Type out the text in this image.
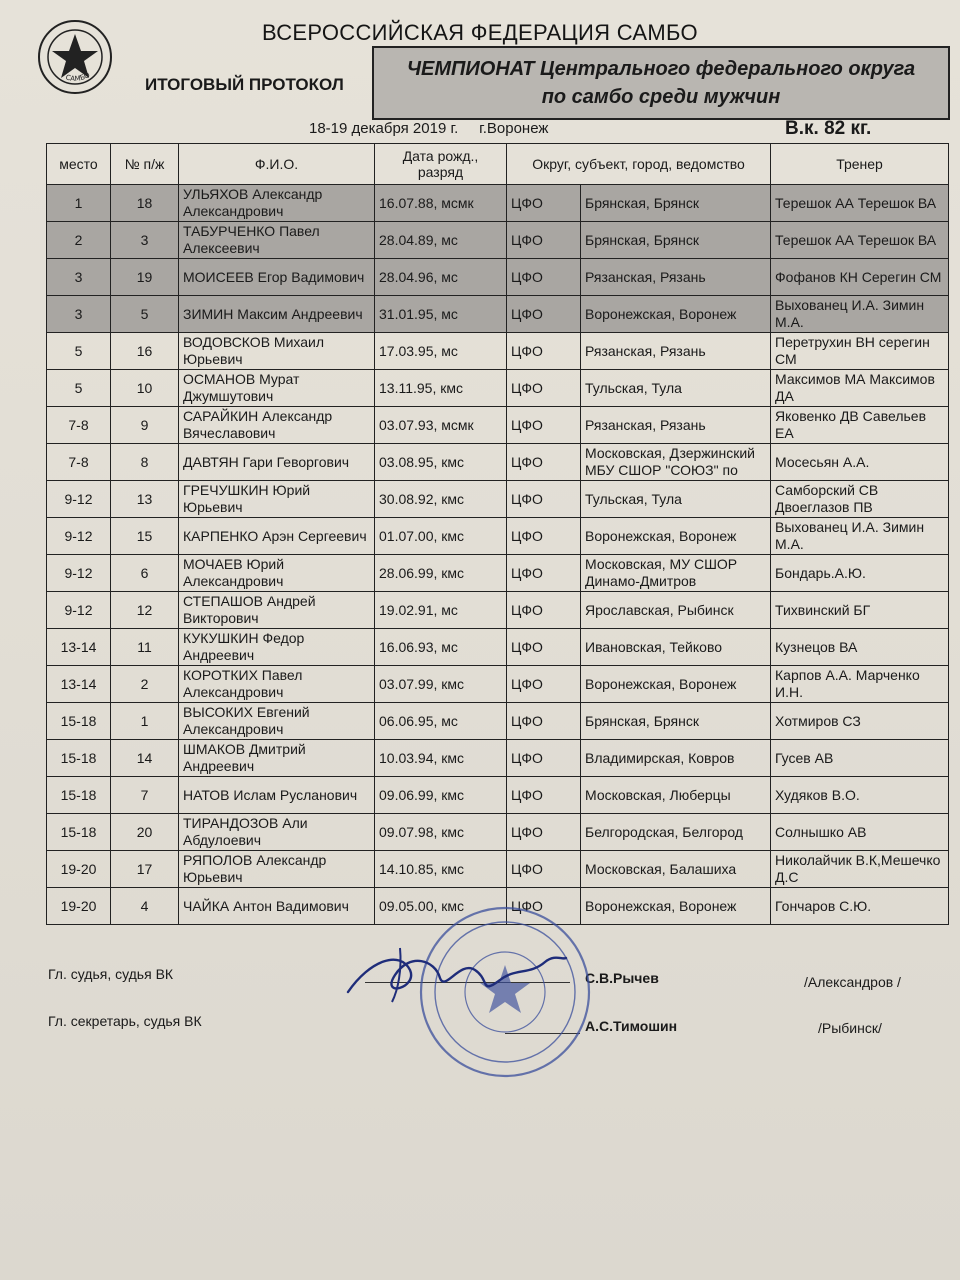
САМБО
ВСЕРОССИЙСКАЯ ФЕДЕРАЦИЯ САМБО
ИТОГОВЫЙ ПРОТОКОЛ
ЧЕМПИОНАТ Центрального федерального округа по самбо среди мужчин
18-19 декабря 2019 г.     г.Воронеж	В.к. 82 кг.
место	№ п/ж	Ф.И.О.	Дата рожд., разряд	Округ, субъект, город, ведомство		Тренер
1	18	УЛЬЯХОВ Александр Александрович	16.07.88, мсмк	ЦФО	Брянская, Брянск	Терешок АА Терешок ВА
2	3	ТАБУРЧЕНКО Павел Алексеевич	28.04.89, мс	ЦФО	Брянская, Брянск	Терешок АА Терешок ВА
3	19	МОИСЕЕВ Егор Вадимович	28.04.96, мс	ЦФО	Рязанская, Рязань	Фофанов КН Серегин СМ
3	5	ЗИМИН Максим Андреевич	31.01.95, мс	ЦФО	Воронежская, Воронеж	Выхованец И.А. Зимин М.А.
5	16	ВОДОВСКОВ Михаил Юрьевич	17.03.95, мс	ЦФО	Рязанская, Рязань	Перетрухин ВН серегин СМ
5	10	ОСМАНОВ Мурат Джумшутович	13.11.95, кмс	ЦФО	Тульская, Тула	Максимов МА Максимов ДА
7-8	9	САРАЙКИН Александр Вячеславович	03.07.93, мсмк	ЦФО	Рязанская, Рязань	Яковенко ДВ Савельев ЕА
7-8	8	ДАВТЯН Гари Геворгович	03.08.95, кмс	ЦФО	Московская, Дзержинский МБУ СШОР "СОЮЗ" по	Мосесьян А.А.
9-12	13	ГРЕЧУШКИН Юрий Юрьевич	30.08.92, кмс	ЦФО	Тульская, Тула	Самборский СВ Двоеглазов ПВ
9-12	15	КАРПЕНКО Арэн Сергеевич	01.07.00, кмс	ЦФО	Воронежская, Воронеж	Выхованец И.А. Зимин М.А.
9-12	6	МОЧАЕВ Юрий Александрович	28.06.99, кмс	ЦФО	Московская, МУ СШОР Динамо-Дмитров	Бондарь.А.Ю.
9-12	12	СТЕПАШОВ Андрей Викторович	19.02.91, мс	ЦФО	Ярославская, Рыбинск	Тихвинский БГ
13-14	11	КУКУШКИН Федор Андреевич	16.06.93, мс	ЦФО	Ивановская, Тейково	Кузнецов ВА
13-14	2	КОРОТКИХ Павел Александрович	03.07.99, кмс	ЦФО	Воронежская, Воронеж	Карпов А.А. Марченко И.Н.
15-18	1	ВЫСОКИХ Евгений Александрович	06.06.95, мс	ЦФО	Брянская, Брянск	Хотмиров СЗ
15-18	14	ШМАКОВ Дмитрий Андреевич	10.03.94, кмс	ЦФО	Владимирская, Ковров	Гусев АВ
15-18	7	НАТОВ Ислам Русланович	09.06.99, кмс	ЦФО	Московская, Люберцы	Худяков В.О.
15-18	20	ТИРАНДОЗОВ Али Абдулоевич	09.07.98, кмс	ЦФО	Белгородская, Белгород	Солнышко АВ
19-20	17	РЯПОЛОВ Александр Юрьевич	14.10.85, кмс	ЦФО	Московская, Балашиха	Николайчик В.К,Мешечко Д.С
19-20	4	ЧАЙКА Антон Вадимович	09.05.00, кмс	ЦФО	Воронежская, Воронеж	Гончаров С.Ю.
Гл. судья, судья ВК	С.В.Рычев	/Александров /
Гл. секретарь, судья ВК	А.С.Тимошин	/Рыбинск/
